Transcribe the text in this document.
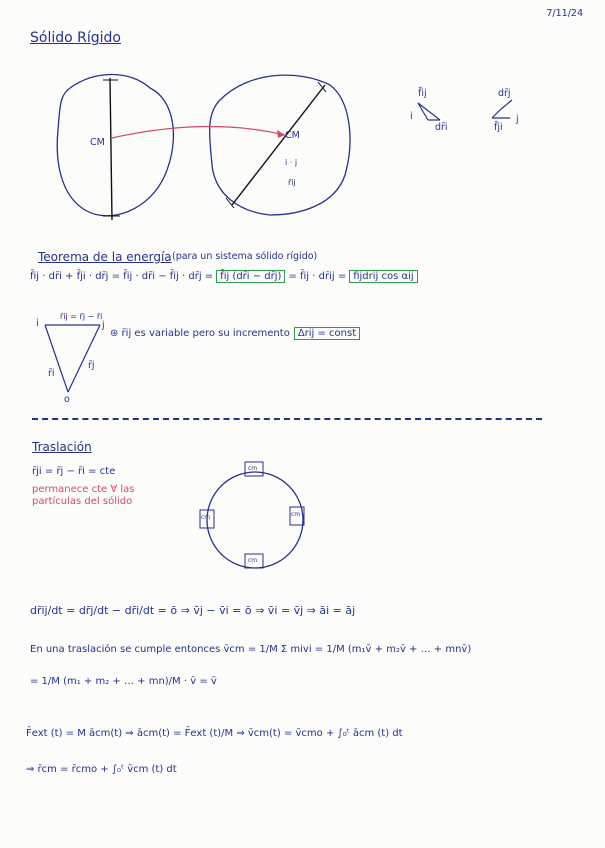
7/11/24
Sólido Rígido
CM
CM
i · j
r̄ij
f̄ij
dr̄i
i
dr̄j
f̄ji
j
Teorema de la energía (para un sistema sólido rígido)
f̄ij · dr̄i + f̄ji · dr̄j = f̄ij · dr̄i − f̄ij · dr̄j = f̄ij (dr̄i − dr̄j) = f̄ij · dr̄ij = fijdrij cos αij
r̄ij = r̄j − r̄i
i	j
r̄i
r̄j
o
⊛ r̄ij es variable pero su incremento Δrij = const
Traslación
r̄ji = r̄j − r̄i = cte
permanece cte ∀ las partículas del sólido
cm
cm
cm	cm
dr̄ij/dt = dr̄j/dt − dr̄i/dt = ō ⇒ v̄j − v̄i = ō ⇒ v̄i = v̄j ⇒ āi = āj
En una traslación se cumple entonces v̄cm = 1/M Σ mivi = 1/M (m₁v̄ + m₂v̄ + … + mnv̄)
= 1/M (m₁ + m₂ + … + mn)/M · v̄ = v̄
F̄ext (t) = M ācm(t) ⇒ ācm(t) = F̄ext (t)/M ⇒ v̄cm(t) = v̄cmo + ∫₀ᵗ ācm (t) dt
⇒ r̄cm = r̄cmo + ∫₀ᵗ v̄cm (t) dt
